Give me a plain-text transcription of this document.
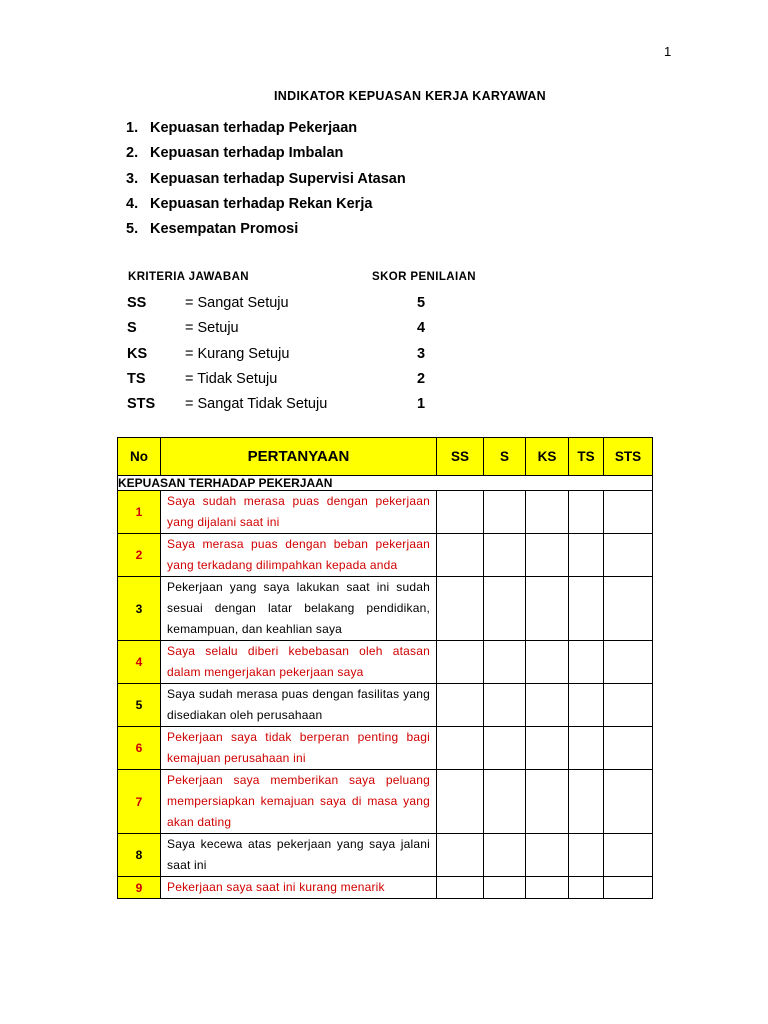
1
INDIKATOR KEPUASAN KERJA KARYAWAN
1. Kepuasan terhadap Pekerjaan
2. Kepuasan terhadap Imbalan
3. Kepuasan terhadap Supervisi Atasan
4. Kepuasan terhadap Rekan Kerja
5. Kesempatan Promosi
KRITERIA JAWABAN	SKOR PENILAIAN
SS	= Sangat Setuju	5
S	= Setuju	4
KS	= Kurang Setuju	3
TS	= Tidak Setuju	2
STS = Sangat Tidak Setuju	1
No	PERTANYAAN	SS	S	KS	TS	STS
KEPUASAN TERHADAP PEKERJAAN						
1	Saya sudah merasa puas dengan pekerjaan yang dijalani saat ini					
2	Saya merasa puas dengan beban pekerjaan yang terkadang dilimpahkan kepada anda					
3	Pekerjaan yang saya lakukan saat ini sudah sesuai dengan latar belakang pendidikan, kemampuan, dan keahlian saya					
4	Saya selalu diberi kebebasan oleh atasan dalam mengerjakan pekerjaan saya					
5	Saya sudah merasa puas dengan fasilitas yang disediakan oleh perusahaan					
6	Pekerjaan saya tidak berperan penting bagi kemajuan perusahaan ini					
7	Pekerjaan saya memberikan saya peluang mempersiapkan kemajuan saya di masa yang akan dating					
8	Saya kecewa atas pekerjaan yang saya jalani saat ini					
9	Pekerjaan saya saat ini kurang menarik					
